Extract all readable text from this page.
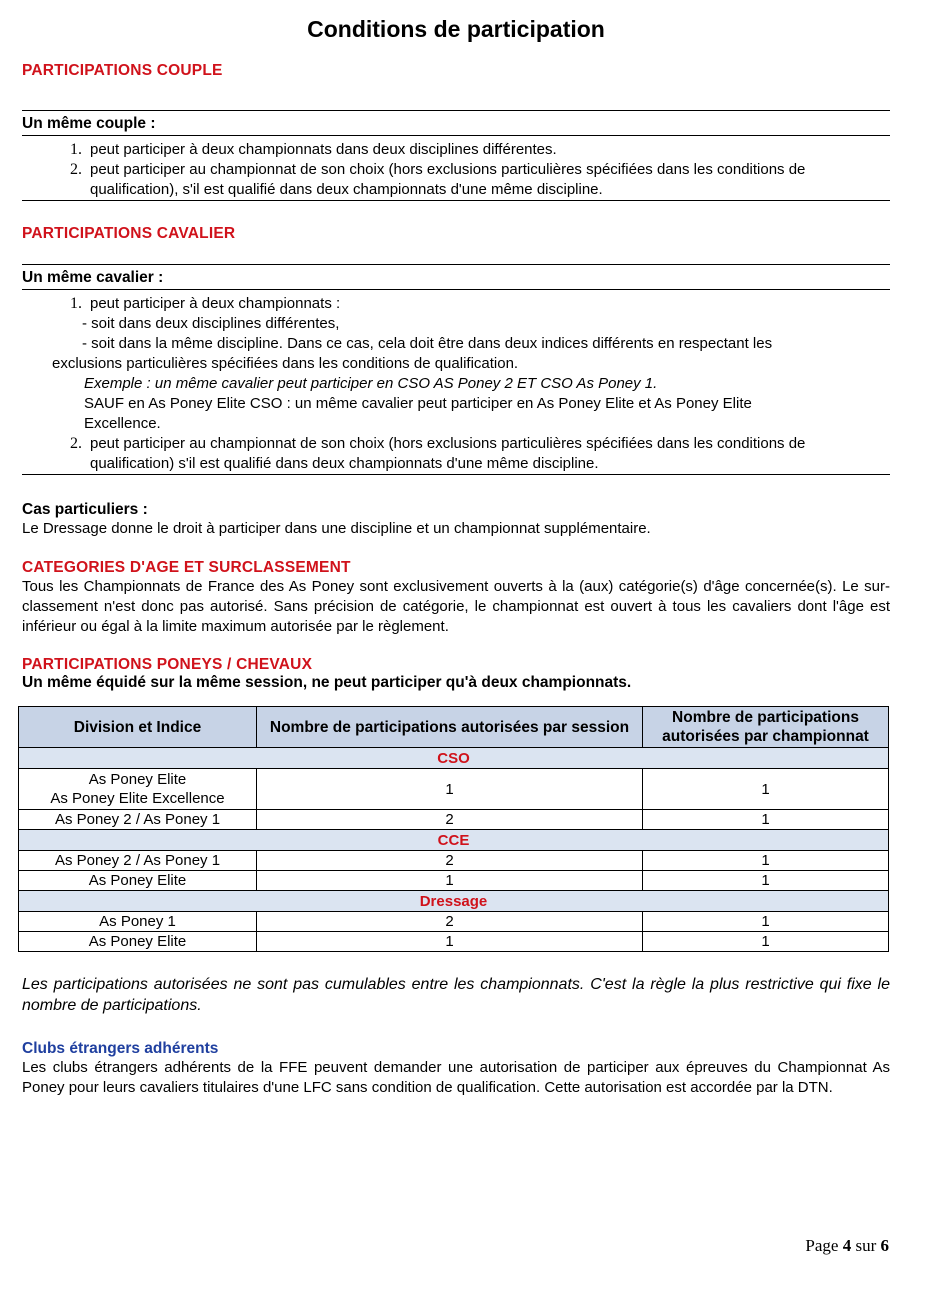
Conditions de participation
PARTICIPATIONS COUPLE
Un même couple :
1. peut participer à deux championnats dans deux disciplines différentes.
2. peut participer au championnat de son choix (hors exclusions particulières spécifiées dans les conditions de qualification), s'il est qualifié dans deux championnats d'une même discipline.
PARTICIPATIONS CAVALIER
Un même cavalier :
1. peut participer à deux championnats :
- soit dans deux disciplines différentes,
- soit dans la même discipline. Dans ce cas, cela doit être dans deux indices différents en respectant les
exclusions particulières spécifiées dans les conditions de qualification.
Exemple : un même cavalier peut participer en CSO AS Poney 2 ET CSO As Poney 1.
SAUF en As Poney Elite CSO : un même cavalier peut participer en As Poney Elite et As Poney Elite Excellence.
2. peut participer au championnat de son choix (hors exclusions particulières spécifiées dans les conditions de qualification) s'il est qualifié dans deux championnats d'une même discipline.
Cas particuliers :
Le Dressage donne le droit à participer dans une discipline et un championnat supplémentaire.
CATEGORIES D'AGE ET SURCLASSEMENT
Tous les Championnats de France des As Poney sont exclusivement ouverts à la (aux) catégorie(s) d'âge concernée(s). Le sur-classement n'est donc pas autorisé. Sans précision de catégorie, le championnat est ouvert à tous les cavaliers dont l'âge est inférieur ou égal à la limite maximum autorisée par le règlement.
PARTICIPATIONS PONEYS / CHEVAUX
Un même équidé sur la même session, ne peut participer qu'à deux championnats.
Division et Indice	Nombre de participations autorisées par session	Nombre de participations autorisées par championnat
CSO		

As Poney Elite
As Poney Elite Excellence	1	1
As Poney 2 / As Poney 1	2	1
CCE		
As Poney 2 / As Poney 1	2	1
As Poney Elite	1	1
Dressage		
As Poney 1	2	1
As Poney Elite	1	1
Les participations autorisées ne sont pas cumulables entre les championnats. C'est la règle la plus restrictive qui fixe le nombre de participations.
Clubs étrangers adhérents
Les clubs étrangers adhérents de la FFE peuvent demander une autorisation de participer aux épreuves du Championnat As Poney pour leurs cavaliers titulaires d'une LFC sans condition de qualification. Cette autorisation est accordée par la DTN.
Page 4 sur 6
